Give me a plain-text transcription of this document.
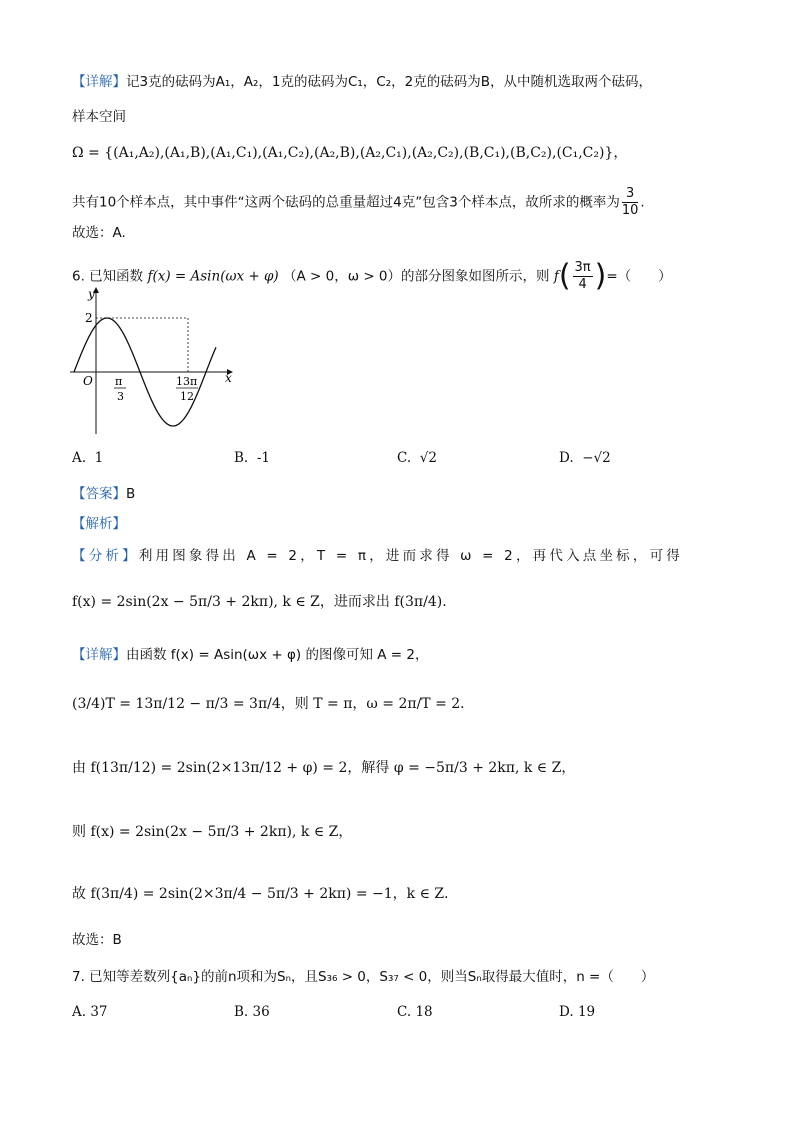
【详解】记3克的砝码为A₁，A₂，1克的砝码为C₁，C₂，2克的砝码为B，从中随机选取两个砝码，
样本空间
Ω = {(A₁,A₂),(A₁,B),(A₁,C₁),(A₁,C₂),(A₂,B),(A₂,C₁),(A₂,C₂),(B,C₁),(B,C₂),(C₁,C₂)}，
共有10个样本点，其中事件“这两个砝码的总重量超过4克”包含3个样本点，故所求的概率为 $\frac{3}{10}$ .
故选：A.
6. 已知函数 f(x) = Asin(ωx + φ) （A > 0，ω > 0）的部分图象如图所示，则 $f( \frac{3\pi}{4}$ )=（　　）
y
x
O
2
π
3
13π
12
A. 1	B. -1	C. √2	D. −√2
【答案】B
【解析】
【分析】利用图象得出 A = 2，T = π，进而求得 ω = 2，再代入点坐标，可得
f(x) = 2sin(2x − 5π/3 + 2kπ), k ∈ Z，进而求出 f(3π/4).
【详解】由函数 f(x) = Asin(ωx + φ) 的图像可知 A = 2，
(3/4)T = 13π/12 − π/3 = 3π/4，则 T = π，ω = 2π/T = 2．
由 f(13π/12) = 2sin(2×13π/12 + φ) = 2，解得 φ = −5π/3 + 2kπ, k ∈ Z，
则 f(x) = 2sin(2x − 5π/3 + 2kπ), k ∈ Z，
故 f(3π/4) = 2sin(2×3π/4 − 5π/3 + 2kπ) = −1，k ∈ Z．
故选：B
7. 已知等差数列{aₙ}的前n项和为Sₙ，且S₃₆ > 0，S₃₇ < 0，则当Sₙ取得最大值时，n =（　　）
A. 37	B. 36	C. 18	D. 19
